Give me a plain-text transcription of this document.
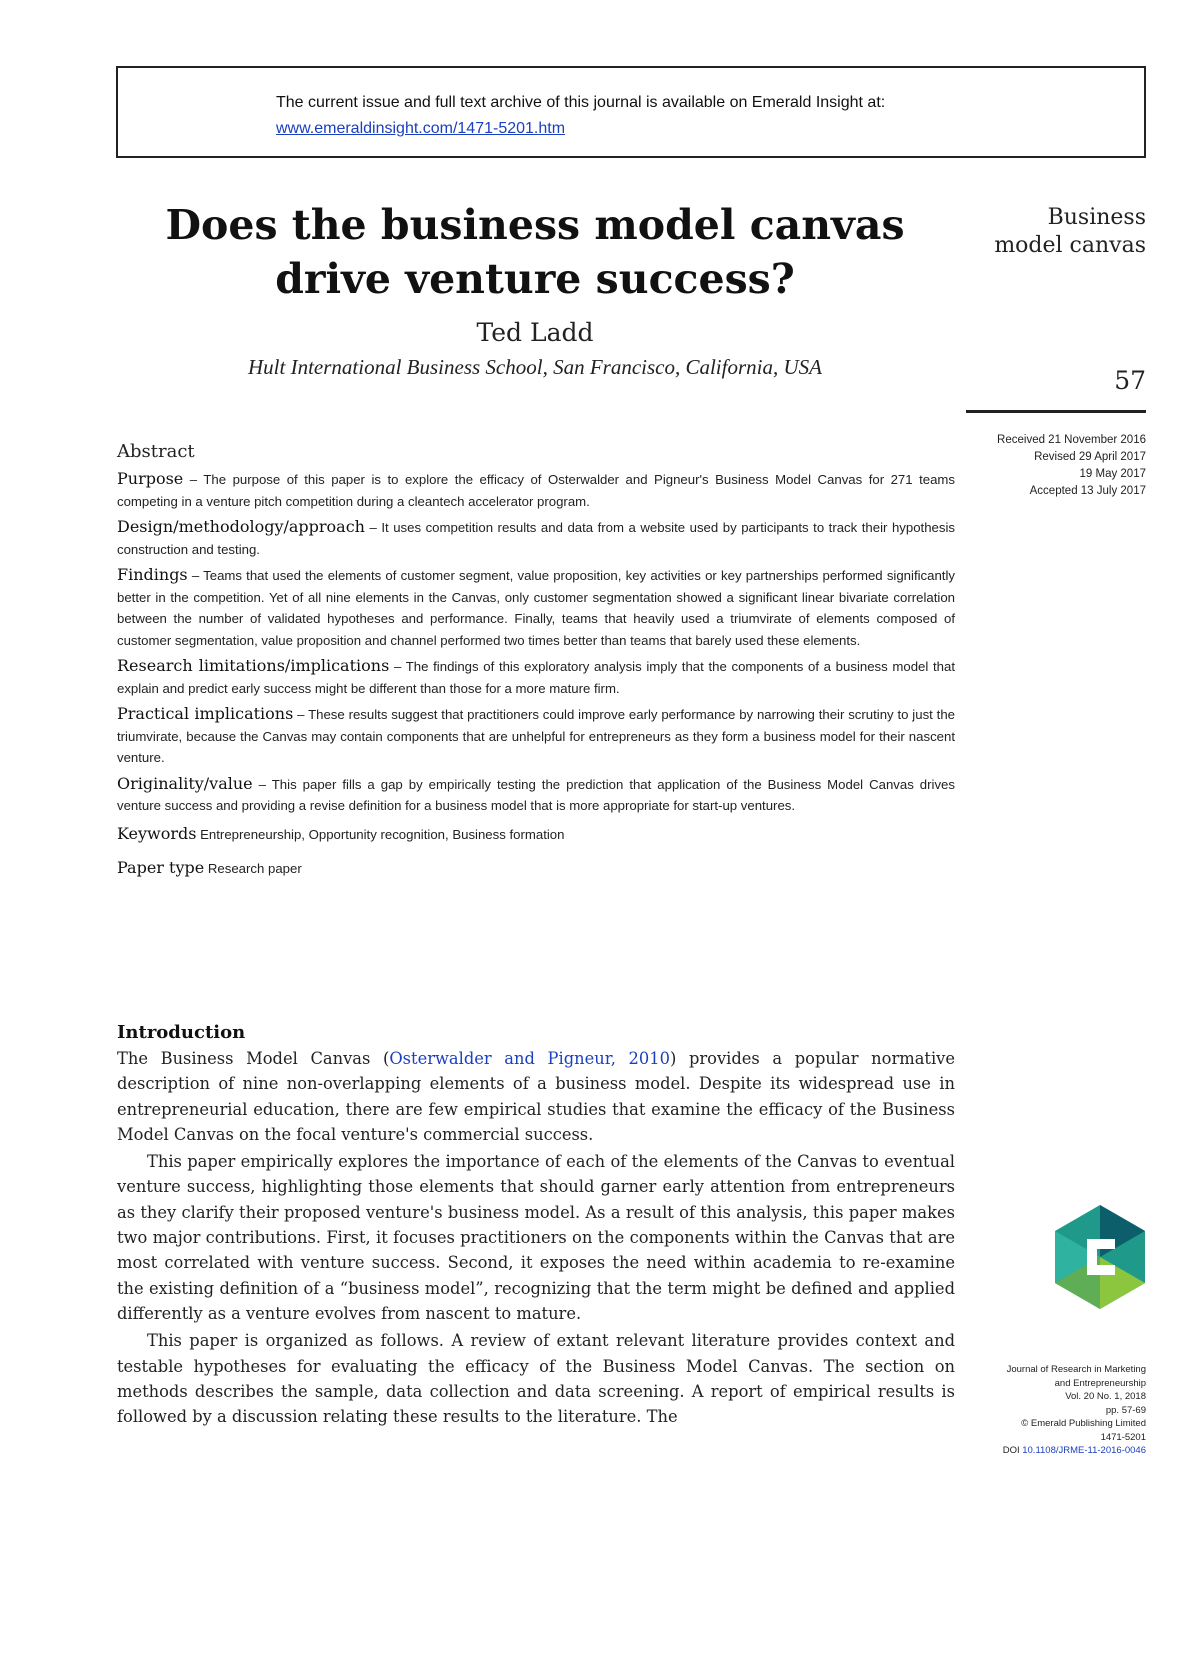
The current issue and full text archive of this journal is available on Emerald Insight at:
www.emeraldinsight.com/1471-5201.htm
Does the business model canvas
drive venture success?
Ted Ladd
Hult International Business School, San Francisco, California, USA
Business
model canvas
57
Received 21 November 2016
Revised 29 April 2017
19 May 2017
Accepted 13 July 2017
Abstract

Purpose – The purpose of this paper is to explore the efficacy of Osterwalder and Pigneur's Business Model Canvas for 271 teams competing in a venture pitch competition during a cleantech accelerator program.

Design/methodology/approach – It uses competition results and data from a website used by participants to track their hypothesis construction and testing.

Findings – Teams that used the elements of customer segment, value proposition, key activities or key partnerships performed significantly better in the competition. Yet of all nine elements in the Canvas, only customer segmentation showed a significant linear bivariate correlation between the number of validated hypotheses and performance. Finally, teams that heavily used a triumvirate of elements composed of customer segmentation, value proposition and channel performed two times better than teams that barely used these elements.

Research limitations/implications – The findings of this exploratory analysis imply that the components of a business model that explain and predict early success might be different than those for a more mature firm.

Practical implications – These results suggest that practitioners could improve early performance by narrowing their scrutiny to just the triumvirate, because the Canvas may contain components that are unhelpful for entrepreneurs as they form a business model for their nascent venture.

Originality/value – This paper fills a gap by empirically testing the prediction that application of the Business Model Canvas drives venture success and providing a revise definition for a business model that is more appropriate for start-up ventures.

Keywords Entrepreneurship, Opportunity recognition, Business formation

Paper type Research paper

Introduction

The Business Model Canvas (Osterwalder and Pigneur, 2010) provides a popular normative description of nine non-overlapping elements of a business model. Despite its widespread use in entrepreneurial education, there are few empirical studies that examine the efficacy of the Business Model Canvas on the focal venture's commercial success.

This paper empirically explores the importance of each of the elements of the Canvas to eventual venture success, highlighting those elements that should garner early attention from entrepreneurs as they clarify their proposed venture's business model. As a result of this analysis, this paper makes two major contributions. First, it focuses practitioners on the components within the Canvas that are most correlated with venture success. Second, it exposes the need within academia to re-examine the existing definition of a “business model”, recognizing that the term might be defined and applied differently as a venture evolves from nascent to mature.

This paper is organized as follows. A review of extant relevant literature provides context and testable hypotheses for evaluating the efficacy of the Business Model Canvas. The section on methods describes the sample, data collection and data screening. A report of empirical results is followed by a discussion relating these results to the literature. The

Journal of Research in Marketing
and Entrepreneurship
Vol. 20 No. 1, 2018
pp. 57-69
© Emerald Publishing Limited
1471-5201
DOI 10.1108/JRME-11-2016-0046
